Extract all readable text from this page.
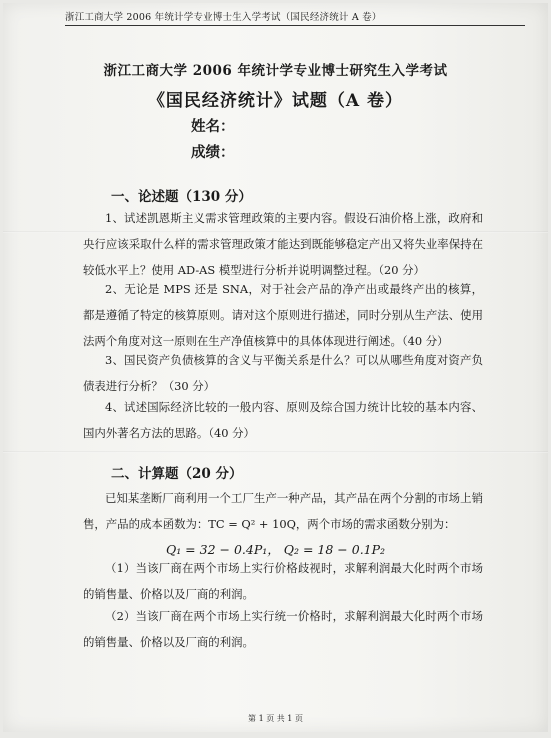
浙江工商大学 2006 年统计学专业博士生入学考试（国民经济统计 A 卷）
浙江工商大学 2006 年统计学专业博士研究生入学考试
《国民经济统计》试题（A 卷）
姓名：
成绩：
一、论述题（130 分）
1、试述凯恩斯主义需求管理政策的主要内容。假设石油价格上涨，政府和央行应该采取什么样的需求管理政策才能达到既能够稳定产出又将失业率保持在较低水平上？使用 AD-AS 模型进行分析并说明调整过程。（20 分）
2、无论是 MPS 还是 SNA，对于社会产品的净产出或最终产出的核算，都是遵循了特定的核算原则。请对这个原则进行描述，同时分别从生产法、使用法两个角度对这一原则在生产净值核算中的具体体现进行阐述。（40 分）
3、国民资产负债核算的含义与平衡关系是什么？可以从哪些角度对资产负债表进行分析？（30 分）
4、试述国际经济比较的一般内容、原则及综合国力统计比较的基本内容、国内外著名方法的思路。（40 分）
二、计算题（20 分）
已知某垄断厂商利用一个工厂生产一种产品，其产品在两个分割的市场上销售，产品的成本函数为：TC = Q² + 10Q，两个市场的需求函数分别为：
Q₁ = 32 − 0.4P₁， Q₂ = 18 − 0.1P₂
（1）当该厂商在两个市场上实行价格歧视时，求解利润最大化时两个市场的销售量、价格以及厂商的利润。
（2）当该厂商在两个市场上实行统一价格时，求解利润最大化时两个市场的销售量、价格以及厂商的利润。
第 1 页 共 1 页
